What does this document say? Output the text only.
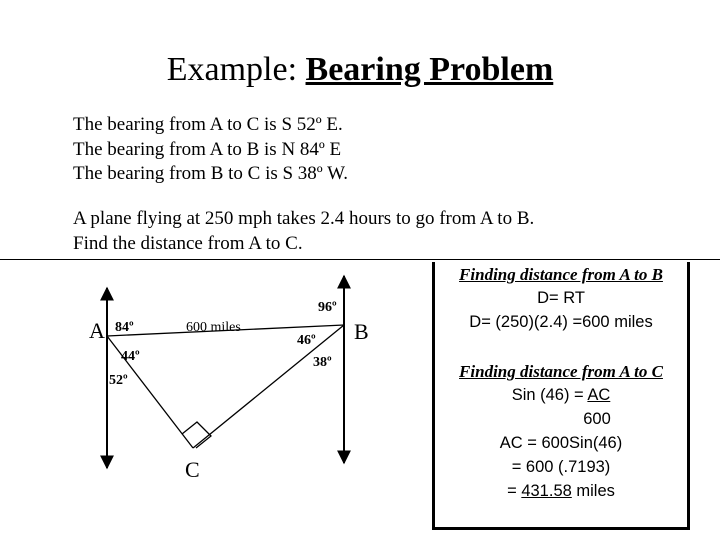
Example: Bearing Problem
The bearing from A to C is S 52º E.
The bearing from A to B is N 84º E
The bearing from B to C is S 38º W.
A plane flying at 250 mph takes 2.4 hours to go from A to B.
Find the distance from A to C.
A	B
C
600 miles
84º
44º
52º
96º
46º
38º
Finding distance from A to B
D= RT
D= (250)(2.4) =600 miles
Finding distance from A to C
Sin (46) = AC
600
AC = 600Sin(46)
= 600 (.7193)
= 431.58 miles
